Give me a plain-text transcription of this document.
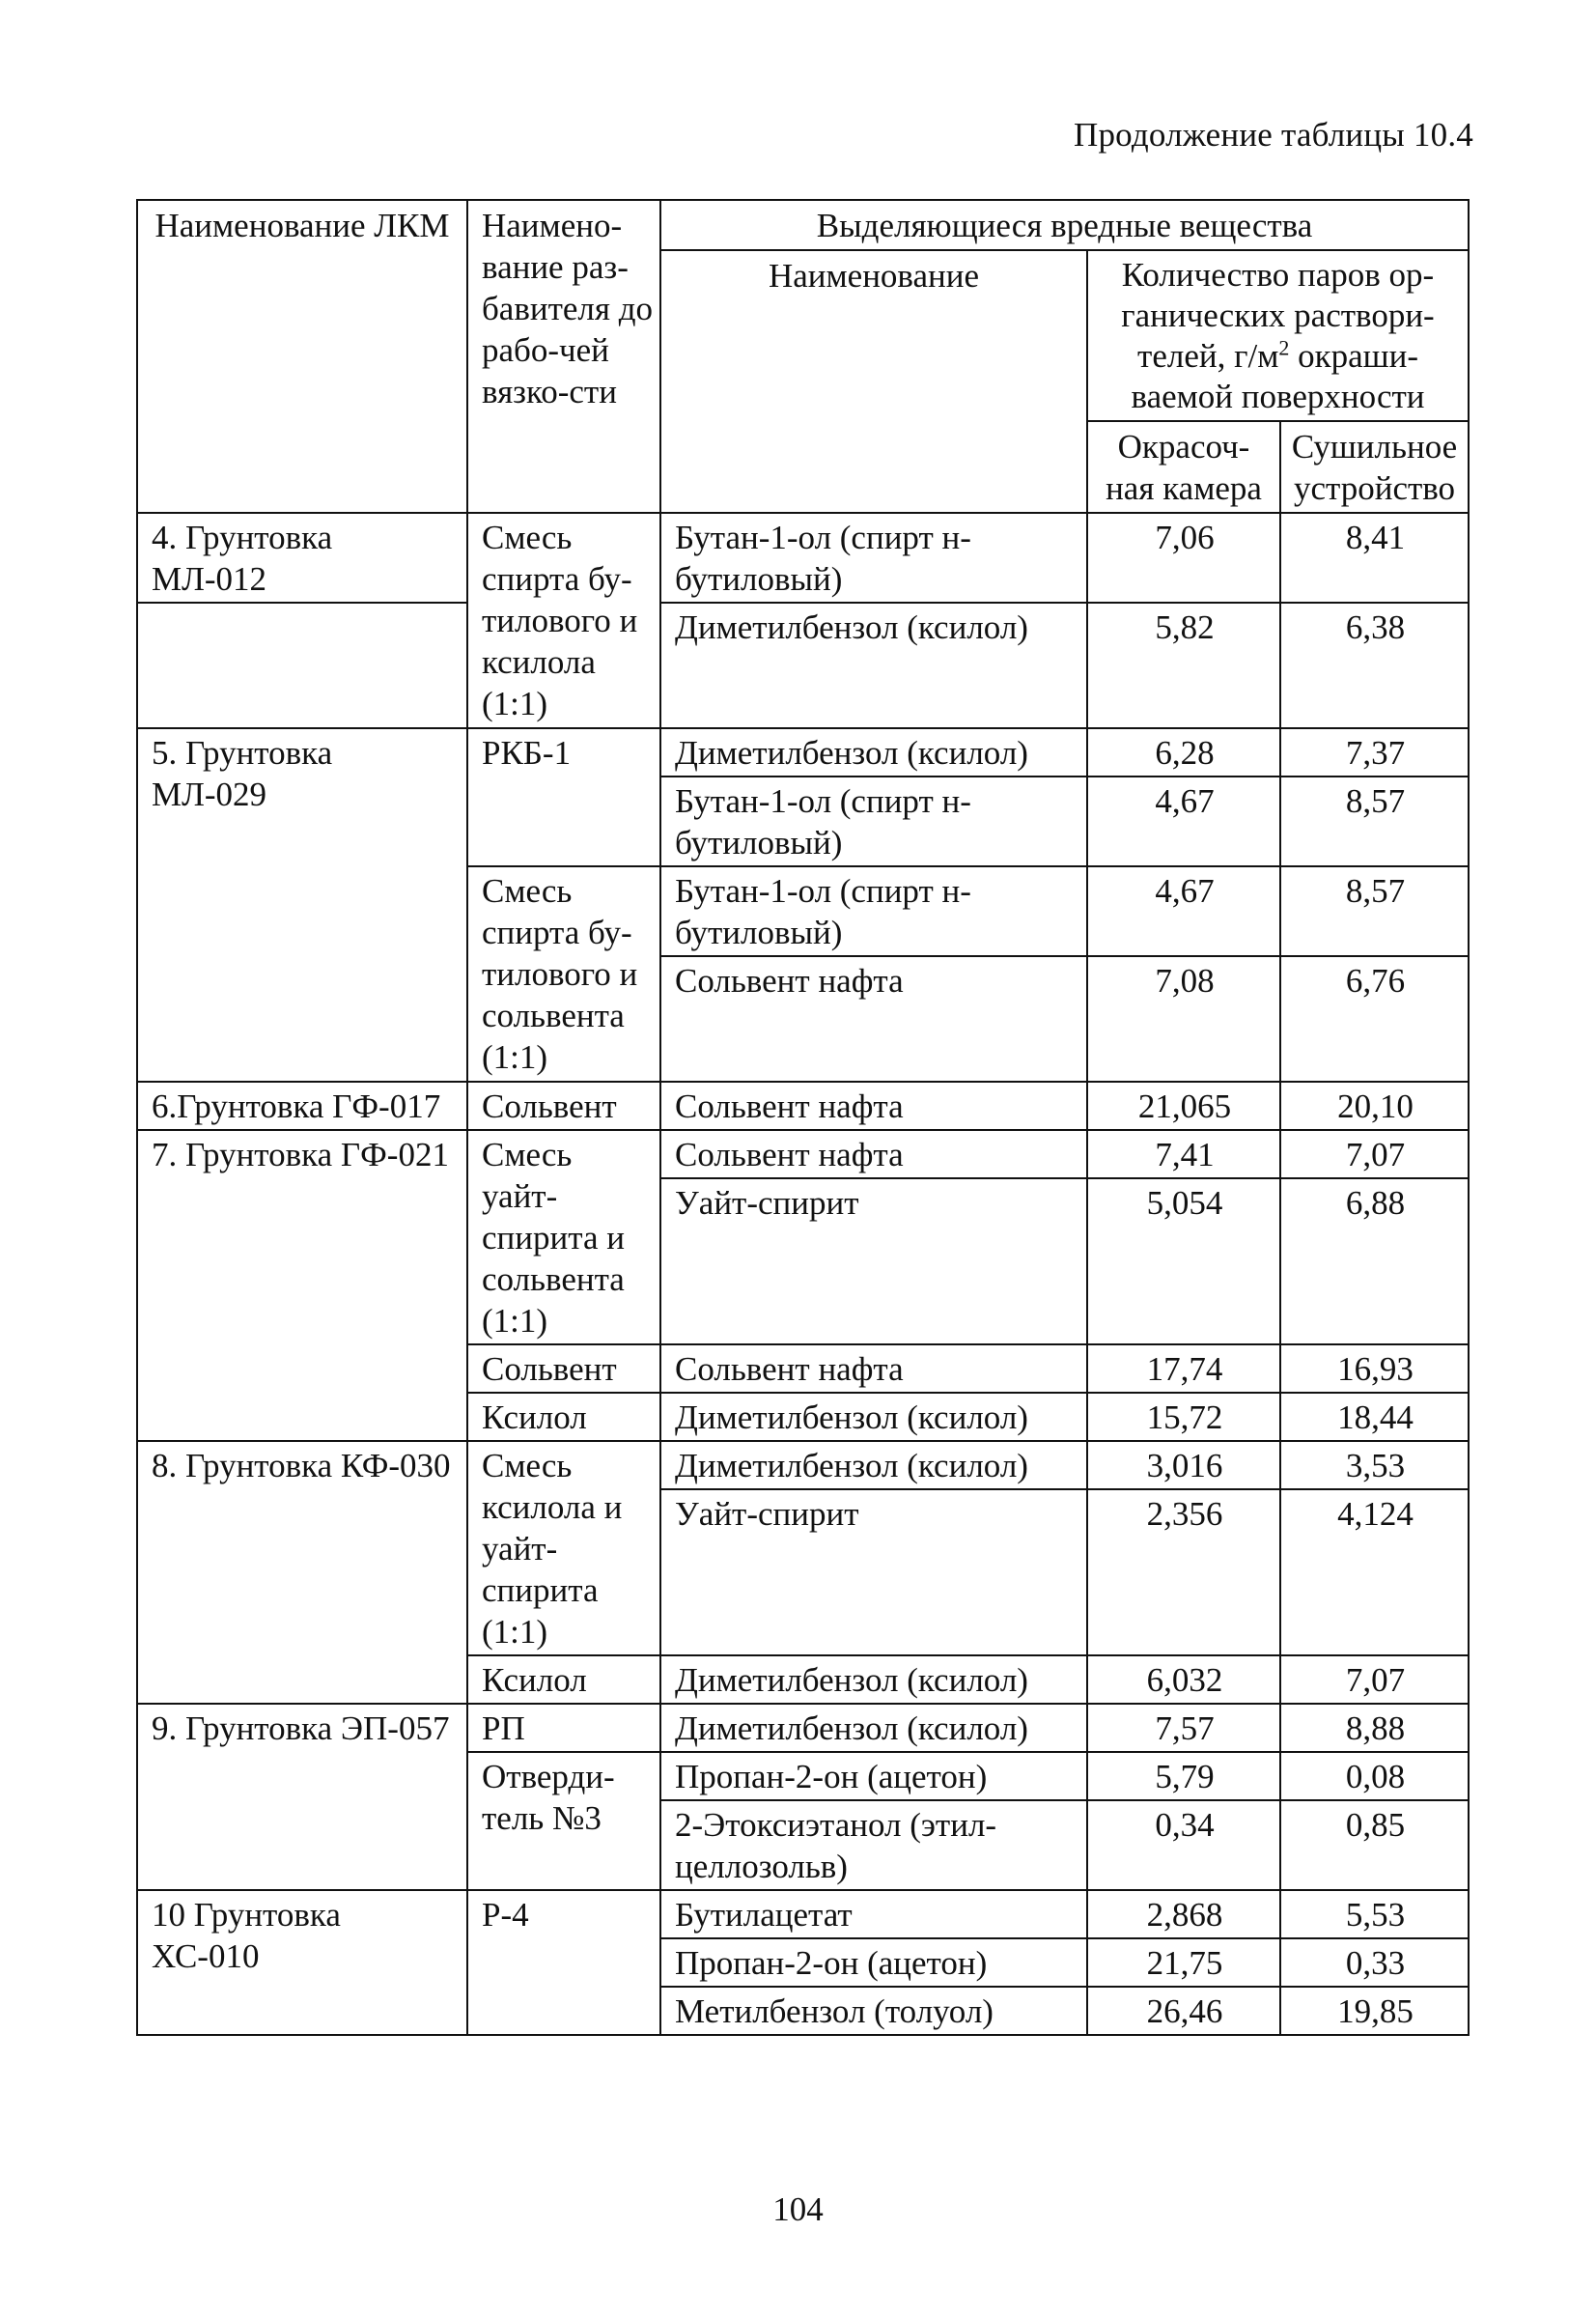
Продолжение таблицы 10.4
Наименование ЛКМ	Наимено-вание раз-бавителя до рабо-чей вязко-сти	Выделяющиеся вредные вещества		
		Наименование	Количество паров ор-ганических раствори-телей, $г/м^2$ окраши-ваемой поверхности	
			Окрасоч-ная камера	Сушильное устройство
4. Грунтовка МЛ-012	Смесь спирта бу-тилового и ксилола (1:1)	Бутан-1-ол (спирт н-бутиловый)	7,06	8,41
		Диметилбензол (ксилол)	5,82	6,38
5. Грунтовка МЛ-029	РКБ-1	Диметилбензол (ксилол)	6,28	7,37
		Бутан-1-ол (спирт н-бутиловый)	4,67	8,57
	Смесь спирта бу-тилового и сольвента (1:1)	Бутан-1-ол (спирт н-бутиловый)	4,67	8,57
		Сольвент нафта	7,08	6,76
6.Грунтовка ГФ-017	Сольвент	Сольвент нафта	21,065	20,10
7. Грунтовка ГФ-021	Смесь уайт-спирита и сольвента (1:1)	Сольвент нафта	7,41	7,07
		Уайт-спирит	5,054	6,88
	Сольвент	Сольвент нафта	17,74	16,93
	Ксилол	Диметилбензол (ксилол)	15,72	18,44
8. Грунтовка КФ-030	Смесь ксилола и уайт-спирита (1:1)	Диметилбензол (ксилол)	3,016	3,53
		Уайт-спирит	2,356	4,124
	Ксилол	Диметилбензол (ксилол)	6,032	7,07
9. Грунтовка ЭП-057	РП	Диметилбензол (ксилол)	7,57	8,88
	Отверди-тель №3	Пропан-2-он (ацетон)	5,79	0,08
		2-Этоксиэтанол (этил-целлозольв)	0,34	0,85
10 Грунтовка ХС-010	Р-4	Бутилацетат	2,868	5,53
		Пропан-2-он (ацетон)	21,75	0,33
		Метилбензол (толуол)	26,46	19,85
104
